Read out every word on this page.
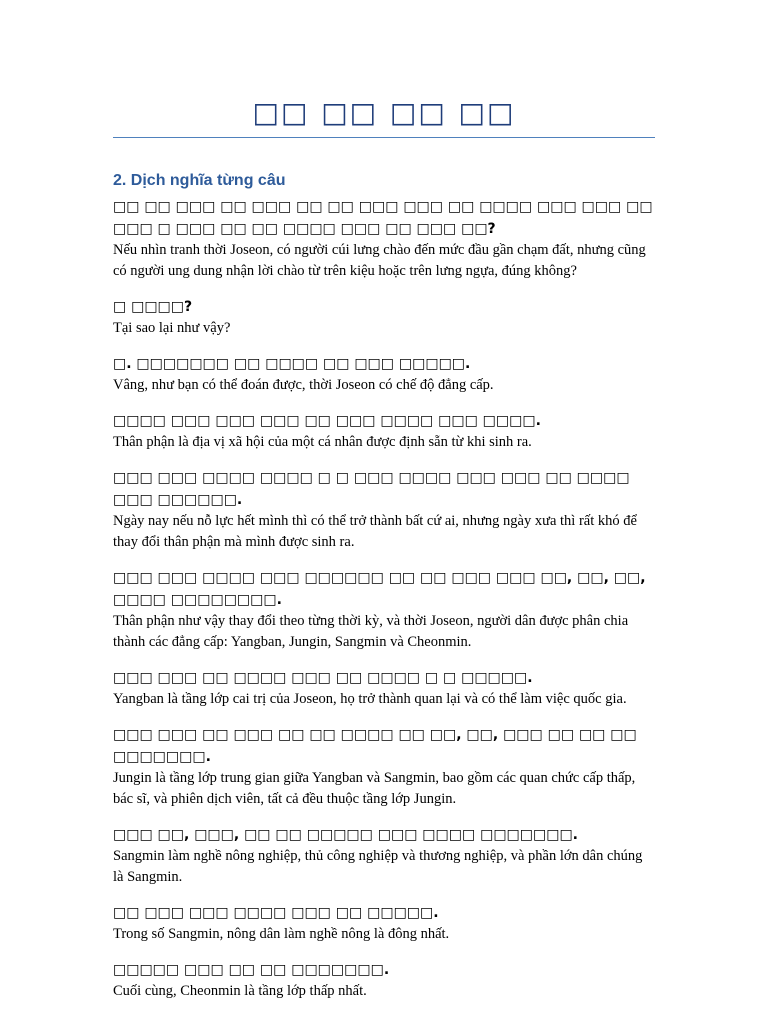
□□ □□ □□ □□
2. Dịch nghĩa từng câu

□□ □□ □□□ □□ □□□ □□ □□ □□□ □□□ □□ □□□□ □□□ □□□ □□ □□□ □ □□□ □□ □□ □□□□ □□□ □□ □□□ □□?

Nếu nhìn tranh thời Joseon, có người cúi lưng chào đến mức đầu gần chạm đất, nhưng cũng có người ung dung nhận lời chào từ trên kiệu hoặc trên lưng ngựa, đúng không?

□ □□□□?

Tại sao lại như vậy?

□. □□□□□□□ □□ □□□□ □□ □□□ □□□□□.

Vâng, như bạn có thể đoán được, thời Joseon có chế độ đẳng cấp.

□□□□ □□□ □□□ □□□ □□ □□□ □□□□ □□□ □□□□.

Thân phận là địa vị xã hội của một cá nhân được định sẵn từ khi sinh ra.

□□□ □□□ □□□□ □□□□ □ □ □□□ □□□□ □□□ □□□ □□ □□□□ □□□ □□□□□□.

Ngày nay nếu nỗ lực hết mình thì có thể trở thành bất cứ ai, nhưng ngày xưa thì rất khó để thay đổi thân phận mà mình được sinh ra.

□□□ □□□ □□□□ □□□ □□□□□□ □□ □□ □□□ □□□ □□, □□, □□, □□□□ □□□□□□□□.

Thân phận như vậy thay đổi theo từng thời kỳ, và thời Joseon, người dân được phân chia thành các đẳng cấp: Yangban, Jungin, Sangmin và Cheonmin.

□□□ □□□ □□ □□□□ □□□ □□ □□□□ □ □ □□□□□.

Yangban là tầng lớp cai trị của Joseon, họ trở thành quan lại và có thể làm việc quốc gia.

□□□ □□□ □□ □□□ □□ □□ □□□□ □□ □□, □□, □□□ □□ □□ □□ □□□□□□□.

Jungin là tầng lớp trung gian giữa Yangban và Sangmin, bao gồm các quan chức cấp thấp, bác sĩ, và phiên dịch viên, tất cả đều thuộc tầng lớp Jungin.

□□□ □□, □□□, □□ □□ □□□□□ □□□ □□□□ □□□□□□□.

Sangmin làm nghề nông nghiệp, thủ công nghiệp và thương nghiệp, và phần lớn dân chúng là Sangmin.

□□ □□□ □□□ □□□□ □□□ □□ □□□□□.

Trong số Sangmin, nông dân làm nghề nông là đông nhất.

□□□□□ □□□ □□ □□ □□□□□□□.

Cuối cùng, Cheonmin là tầng lớp thấp nhất.
